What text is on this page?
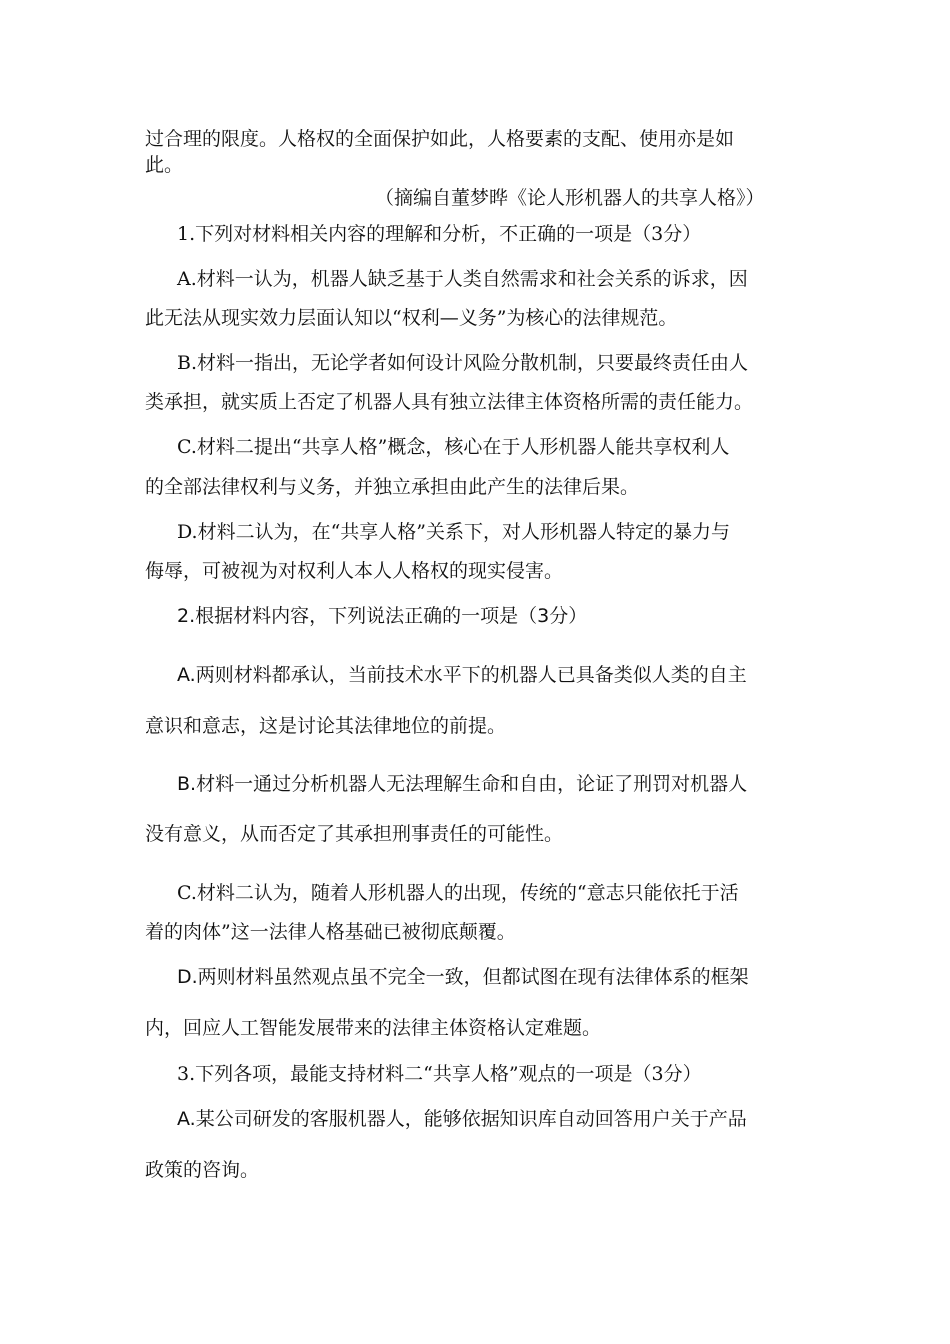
过合理的限度。人格权的全面保护如此，人格要素的支配、使用亦是如

此。

（摘编自董梦晔《论人形机器人的共享人格》）

1.下列对材料相关内容的理解和分析，不正确的一项是（3分）

A.材料一认为，机器人缺乏基于人类自然需求和社会关系的诉求，因

此无法从现实效力层面认知以“权利—义务”为核心的法律规范。

B.材料一指出，无论学者如何设计风险分散机制，只要最终责任由人

类承担，就实质上否定了机器人具有独立法律主体资格所需的责任能力。

C.材料二提出“共享人格”概念，核心在于人形机器人能共享权利人

的全部法律权利与义务，并独立承担由此产生的法律后果。

D.材料二认为，在“共享人格”关系下，对人形机器人特定的暴力与

侮辱，可被视为对权利人本人人格权的现实侵害。

2.根据材料内容，下列说法正确的一项是（3分）

A.两则材料都承认，当前技术水平下的机器人已具备类似人类的自主

意识和意志，这是讨论其法律地位的前提。

B.材料一通过分析机器人无法理解生命和自由，论证了刑罚对机器人

没有意义，从而否定了其承担刑事责任的可能性。

C.材料二认为，随着人形机器人的出现，传统的“意志只能依托于活

着的肉体”这一法律人格基础已被彻底颠覆。

D.两则材料虽然观点虽不完全一致，但都试图在现有法律体系的框架

内，回应人工智能发展带来的法律主体资格认定难题。

3.下列各项，最能支持材料二“共享人格”观点的一项是（3分）

A.某公司研发的客服机器人，能够依据知识库自动回答用户关于产品

政策的咨询。
